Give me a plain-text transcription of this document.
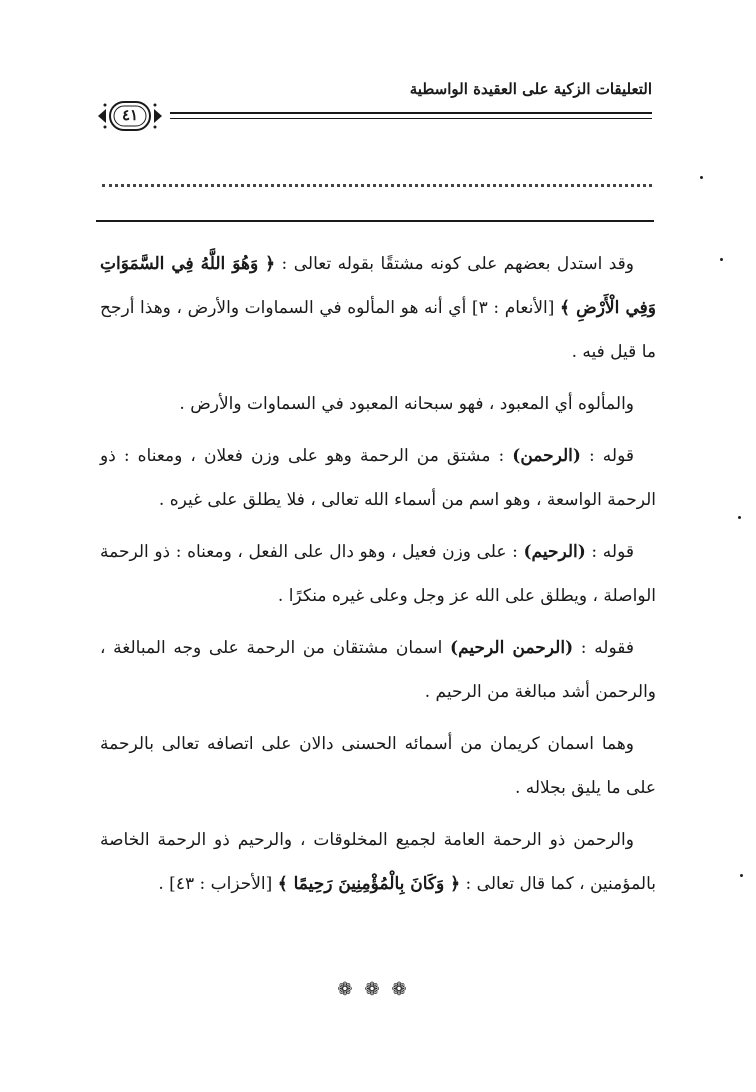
التعليقات الزكية على العقيدة الواسطية
٤١

وقد استدل بعضهم على كونه مشتقًا بقوله تعالى : ﴿ وَهُوَ اللَّهُ فِي السَّمَوَاتِ وَفِي الْأَرْضِ ﴾ [الأنعام : ٣] أي أنه هو المألوه في السماوات والأرض ، وهذا أرجح ما قيل فيه .

والمألوه أي المعبود ، فهو سبحانه المعبود في السماوات والأرض .

قوله : (الرحمن) : مشتق من الرحمة وهو على وزن فعلان ، ومعناه : ذو الرحمة الواسعة ، وهو اسم من أسماء الله تعالى ، فلا يطلق على غيره .

قوله : (الرحيم) : على وزن فعيل ، وهو دال على الفعل ، ومعناه : ذو الرحمة الواصلة ، ويطلق على الله عز وجل وعلى غيره منكرًا .

فقوله : (الرحمن الرحيم) اسمان مشتقان من الرحمة على وجه المبالغة ، والرحمن أشد مبالغة من الرحيم .

وهما اسمان كريمان من أسمائه الحسنى دالان على اتصافه تعالى بالرحمة على ما يليق بجلاله .

والرحمن ذو الرحمة العامة لجميع المخلوقات ، والرحيم ذو الرحمة الخاصة بالمؤمنين ، كما قال تعالى : ﴿ وَكَانَ بِالْمُؤْمِنِينَ رَحِيمًا ﴾ [الأحزاب : ٤٣] .

❁❁❁
